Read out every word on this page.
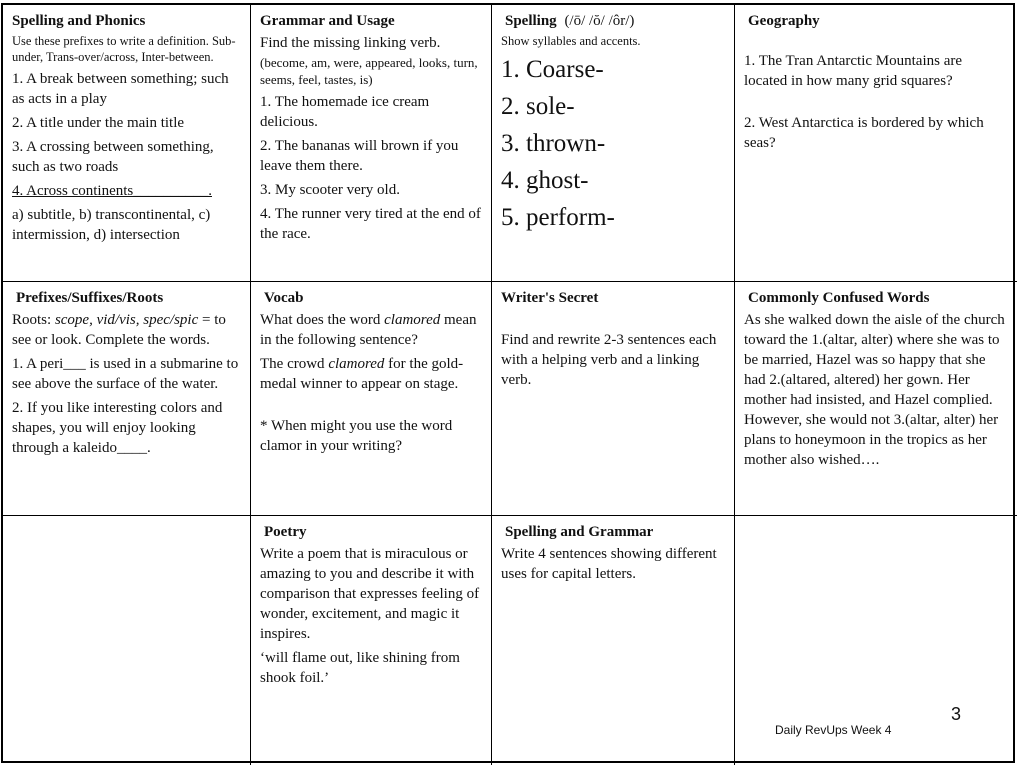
Spelling and Phonics

Use these prefixes to write a definition. Sub-under, Trans-over/across, Inter-between.

1. A break between something; such as acts in a play

2. A title under the main title

3. A crossing between something, such as two roads

4. Across continents__________.

a) subtitle, b) transcontinental, c) intermission, d) intersection

Grammar and Usage

Find the missing linking verb.

(become, am, were, appeared, looks, turn, seems, feel, tastes, is)

1. The homemade ice cream delicious.

2. The bananas will brown if you leave them there.

3. My scooter very old.

4. The runner very tired at the end of the race.

Spelling (/ō/ /ŏ/ /ôr/)

Show syllables and accents.

1. Coarse-

2. sole-

3. thrown-

4. ghost-

5. perform-

Geography

1. The Tran Antarctic Mountains are located in how many grid squares?

2. West Antarctica is bordered by which seas?

Prefixes/Suffixes/Roots

Roots: scope, vid/vis, spec/spic = to see or look. Complete the words.

1. A peri___ is used in a submarine to see above the surface of the water.

2. If you like interesting colors and shapes, you will enjoy looking through a kaleido____.

Vocab

What does the word clamored mean in the following sentence?

The crowd clamored for the gold-medal winner to appear on stage.

* When might you use the word clamor in your writing?

Writer's Secret

Find and rewrite 2-3 sentences each with a helping verb and a linking verb.

Commonly Confused Words

As she walked down the aisle of the church toward the 1.(altar, alter) where she was to be married, Hazel was so happy that she had 2.(altared, altered) her gown. Her mother had insisted, and Hazel complied. However, she would not 3.(altar, alter) her plans to honeymoon in the tropics as her mother also wished….

Poetry

Write a poem that is miraculous or amazing to you and describe it with comparison that expresses feeling of wonder, excitement, and magic it inspires.

‘will flame out, like shining from shook foil.’

Spelling and Grammar

Write 4 sentences showing different uses for capital letters.

Daily RevUps Week 4
3
